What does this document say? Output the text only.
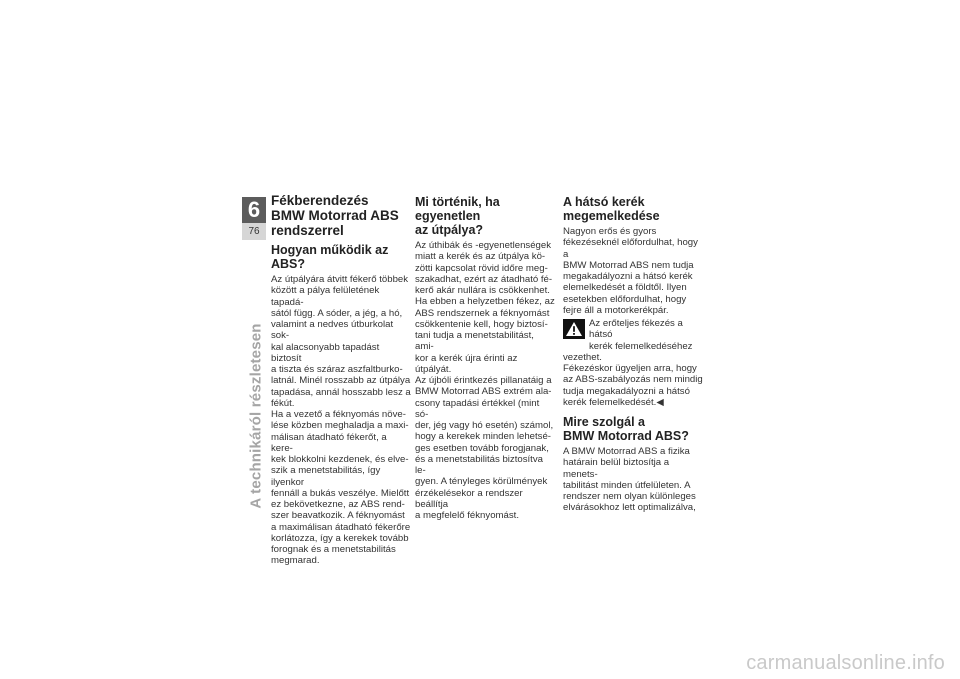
6
76
A technikáról részletesen
Fékberendezés
BMW Motorrad ABS
rendszerrel
Hogyan működik az ABS?

Az útpályára átvitt fékerő többek
között a pálya felületének tapadá-
sától függ. A sóder, a jég, a hó,
valamint a nedves útburkolat sok-
kal alacsonyabb tapadást biztosít
a tiszta és száraz aszfaltburko-
latnál. Minél rosszabb az útpálya
tapadása, annál hosszabb lesz a
fékút.

Ha a vezető a féknyomás növe-
lése közben meghaladja a maxi-
málisan átadható fékerőt, a kere-
kek blokkolni kezdenek, és elve-
szik a menetstabilitás, így ilyenkor
fennáll a bukás veszélye. Mielőtt
ez bekövetkezne, az ABS rend-
szer beavatkozik. A féknyomást
a maximálisan átadható fékerőre
korlátozza, így a kerekek tovább
forognak és a menetstabilitás
megmarad.

Mi történik, ha egyenetlen
az útpálya?

Az úthibák és -egyenetlenségek
miatt a kerék és az útpálya kö-
zötti kapcsolat rövid időre meg-
szakadhat, ezért az átadható fé-
kerő akár nullára is csökkenhet.
Ha ebben a helyzetben fékez, az
ABS rendszernek a féknyomást
csökkentenie kell, hogy biztosí-
tani tudja a menetstabilitást, ami-
kor a kerék újra érinti az útpályát.
Az újbóli érintkezés pillanatáig a
BMW Motorrad ABS extrém ala-
csony tapadási értékkel (mint só-
der, jég vagy hó esetén) számol,
hogy a kerekek minden lehetsé-
ges esetben tovább forogjanak,
és a menetstabilitás biztosítva le-
gyen. A tényleges körülmények
érzékelésekor a rendszer beállítja
a megfelelő féknyomást.

A hátsó kerék
megemelkedése

Nagyon erős és gyors
fékezéseknél előfordulhat, hogy a
BMW Motorrad ABS nem tudja
megakadályozni a hátsó kerék
elemelkedését a földtől. Ilyen
esetekben előfordulhat, hogy
fejre áll a motorkerékpár.

Az erőteljes fékezés a hátsó
kerék felemelkedéséhez

vezethet.

Fékezéskor ügyeljen arra, hogy
az ABS-szabályozás nem mindig
tudja megakadályozni a hátsó
kerék felemelkedését.◀

Mire szolgál a
BMW Motorrad ABS?

A BMW Motorrad ABS a fizika
határain belül biztosítja a menets-
tabilitást minden útfelületen. A
rendszer nem olyan különleges
elvárásokhoz lett optimalizálva,

carmanualsonline.info
